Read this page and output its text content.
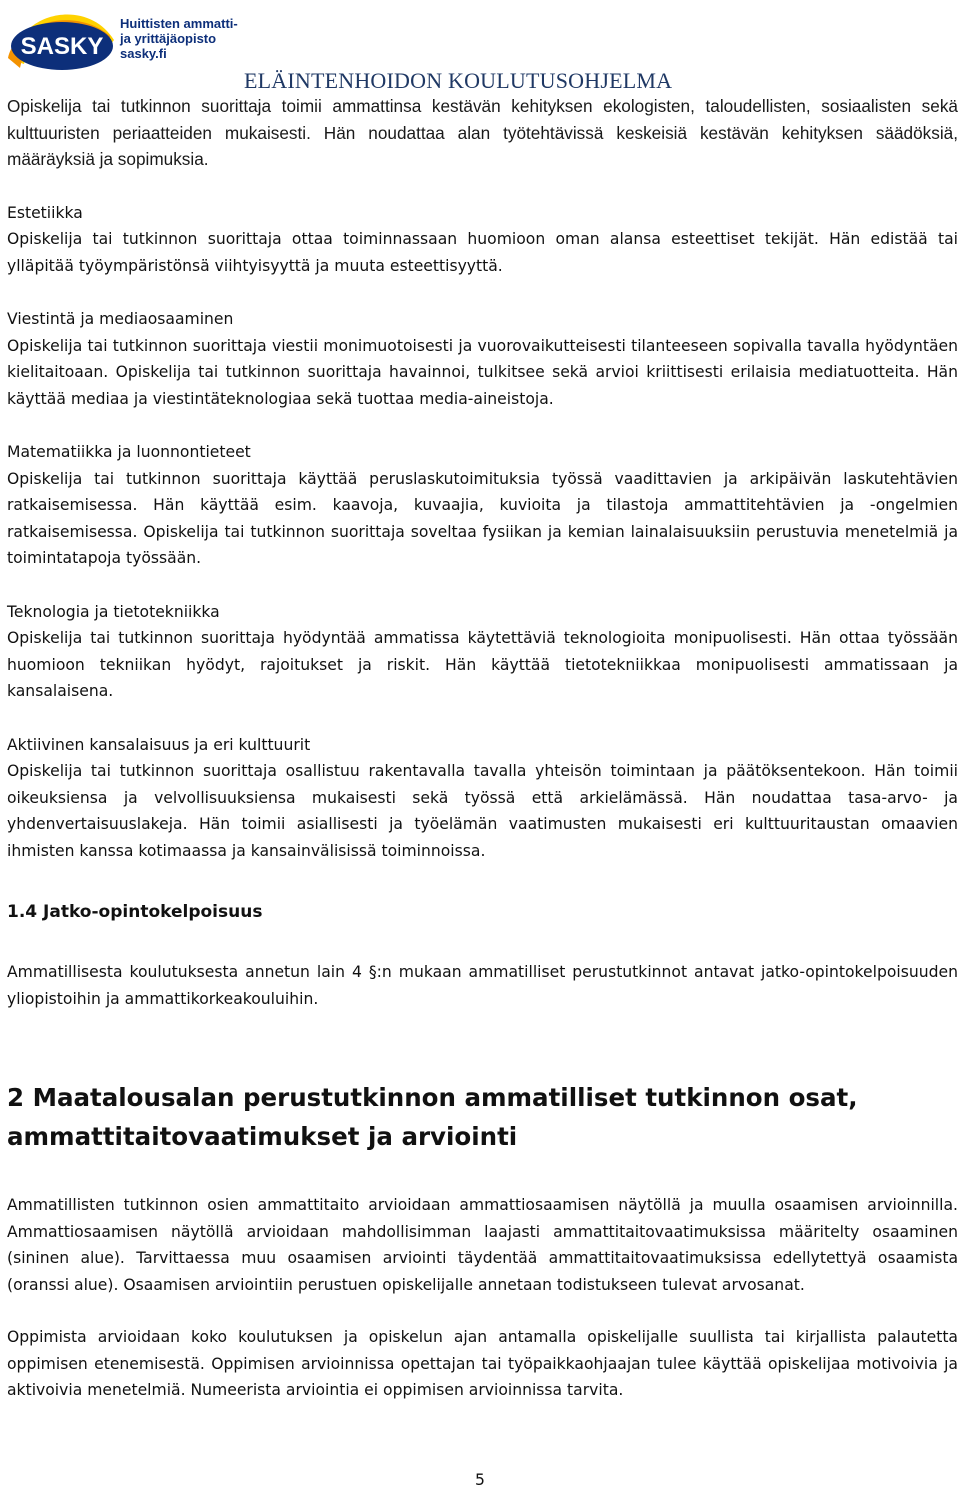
SASKY
Huittisten ammatti-
ja yrittäjäopisto
sasky.fi
ELÄINTENHOIDON KOULUTUSOHJELMA

Opiskelija tai tutkinnon suorittaja toimii ammattinsa kestävän kehityksen ekologisten, taloudellisten, sosiaalisten sekä kulttuuristen periaatteiden mukaisesti. Hän noudattaa alan työtehtävissä keskeisiä kestävän kehityksen säädöksiä, määräyksiä ja sopimuksia.

Estetiikka

Opiskelija tai tutkinnon suorittaja ottaa toiminnassaan huomioon oman alansa esteettiset tekijät. Hän edistää tai ylläpitää työympäristönsä viihtyisyyttä ja muuta esteettisyyttä.

Viestintä ja mediaosaaminen

Opiskelija tai tutkinnon suorittaja viestii monimuotoisesti ja vuorovaikutteisesti tilanteeseen sopivalla tavalla hyödyntäen kielitaitoaan. Opiskelija tai tutkinnon suorittaja havainnoi, tulkitsee sekä arvioi kriittisesti erilaisia mediatuotteita. Hän käyttää mediaa ja viestintäteknologiaa sekä tuottaa media-aineistoja.

Matematiikka ja luonnontieteet

Opiskelija tai tutkinnon suorittaja käyttää peruslaskutoimituksia työssä vaadittavien ja arkipäivän laskutehtävien ratkaisemisessa. Hän käyttää esim. kaavoja, kuvaajia, kuvioita ja tilastoja ammattitehtävien ja -ongelmien ratkaisemisessa. Opiskelija tai tutkinnon suorittaja soveltaa fysiikan ja kemian lainalaisuuksiin perustuvia menetelmiä ja toimintatapoja työssään.

Teknologia ja tietotekniikka

Opiskelija tai tutkinnon suorittaja hyödyntää ammatissa käytettäviä teknologioita monipuolisesti. Hän ottaa työssään huomioon tekniikan hyödyt, rajoitukset ja riskit. Hän käyttää tietotekniikkaa monipuolisesti ammatissaan ja kansalaisena.

Aktiivinen kansalaisuus ja eri kulttuurit

Opiskelija tai tutkinnon suorittaja osallistuu rakentavalla tavalla yhteisön toimintaan ja päätöksentekoon. Hän toimii oikeuksiensa ja velvollisuuksiensa mukaisesti sekä työssä että arkielämässä. Hän noudattaa tasa-arvo- ja yhdenvertaisuuslakeja. Hän toimii asiallisesti ja työelämän vaatimusten mukaisesti eri kulttuuritaustan omaavien ihmisten kanssa kotimaassa ja kansainvälisissä toiminnoissa.

1.4 Jatko-opintokelpoisuus

Ammatillisesta koulutuksesta annetun lain 4 §:n mukaan ammatilliset perustutkinnot antavat jatko-opintokelpoisuuden yliopistoihin ja ammattikorkeakouluihin.

2 Maatalousalan perustutkinnon ammatilliset tutkinnon osat, ammattitaitovaatimukset ja arviointi

Ammatillisten tutkinnon osien ammattitaito arvioidaan ammattiosaamisen näytöllä ja muulla osaamisen arvioinnilla. Ammattiosaamisen näytöllä arvioidaan mahdollisimman laajasti ammattitaitovaatimuksissa määritelty osaaminen (sininen alue). Tarvittaessa muu osaamisen arviointi täydentää ammattitaitovaatimuksissa edellytettyä osaamista (oranssi alue). Osaamisen arviointiin perustuen opiskelijalle annetaan todistukseen tulevat arvosanat.

Oppimista arvioidaan koko koulutuksen ja opiskelun ajan antamalla opiskelijalle suullista tai kirjallista palautetta oppimisen etenemisestä. Oppimisen arvioinnissa opettajan tai työpaikkaohjaajan tulee käyttää opiskelijaa motivoivia ja aktivoivia menetelmiä. Numeerista arviointia ei oppimisen arvioinnissa tarvita.

5
